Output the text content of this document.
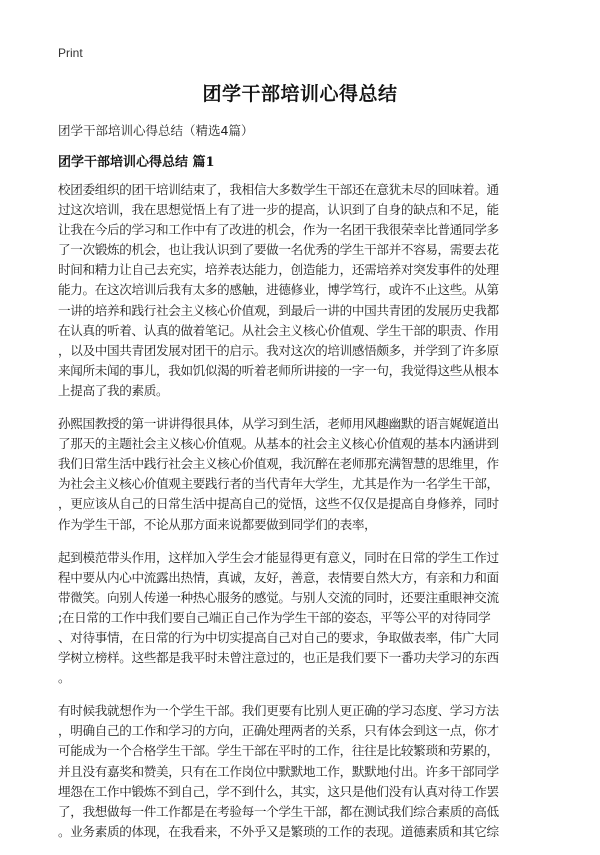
Print
团学干部培训心得总结
团学干部培训心得总结（精选4篇）
团学干部培训心得总结 篇1

校团委组织的团干培训结束了，我相信大多数学生干部还在意犹未尽的回味着。通
过这次培训，我在思想觉悟上有了进一步的提高，认识到了自身的缺点和不足，能
让我在今后的学习和工作中有了改进的机会，作为一名团干我很荣幸比普通同学多
了一次锻炼的机会，也让我认识到了要做一名优秀的学生干部并不容易，需要去花
时间和精力让自己去充实，培养表达能力，创造能力，还需培养对突发事件的处理
能力。在这次培训后我有太多的感触，进德修业，博学笃行，或许不止这些。从第
一讲的培养和践行社会主义核心价值观，到最后一讲的中国共青团的发展历史我都
在认真的听着、认真的做着笔记。从社会主义核心价值观、学生干部的职责、作用
，以及中国共青团发展对团干的启示。我对这次的培训感悟颇多，并学到了许多原
来闻所未闻的事儿，我如饥似渴的听着老师所讲接的一字一句，我觉得这些从根本
上提高了我的素质。

孙熙国教授的第一讲讲得很具体，从学习到生活，老师用风趣幽默的语言娓娓道出
了那天的主题社会主义核心价值观。从基本的社会主义核心价值观的基本内涵讲到
我们日常生活中践行社会主义核心价值观，我沉醉在老师那充满智慧的思维里，作
为社会主义核心价值观主要践行者的当代青年大学生，尤其是作为一名学生干部，
，更应该从自己的日常生活中提高自己的觉悟，这些不仅仅是提高自身修养，同时
作为学生干部，不论从那方面来说都要做到同学们的表率，

起到模范带头作用，这样加入学生会才能显得更有意义，同时在日常的学生工作过
程中要从内心中流露出热情，真诚，友好，善意，表情要自然大方，有亲和力和面
带微笑。向别人传递一种热心服务的感觉。与别人交流的同时，还要注重眼神交流
;在日常的工作中我们要自己端正自己作为学生干部的姿态，平等公平的对待同学
、对待事情，在日常的行为中切实提高自己对自己的要求，争取做表率，伟广大同
学树立榜样。这些都是我平时未曾注意过的，也正是我们要下一番功夫学习的东西
。

有时候我就想作为一个学生干部。我们更要有比别人更正确的学习态度、学习方法
，明确自己的工作和学习的方向，正确处理两者的关系，只有体会到这一点，你才
可能成为一个合格学生干部。学生干部在平时的工作，往往是比较繁琐和劳累的，
并且没有嘉奖和赞美，只有在工作岗位中默默地工作，默默地付出。许多干部同学
埋怨在工作中锻炼不到自己，学不到什么，其实，这只是他们没有认真对待工作罢
了，我想做每一件工作都是在考验每一个学生干部，都在测试我们综合素质的高低
。业务素质的体现，在我看来，不外乎又是繁琐的工作的表现。道德素质和其它综
